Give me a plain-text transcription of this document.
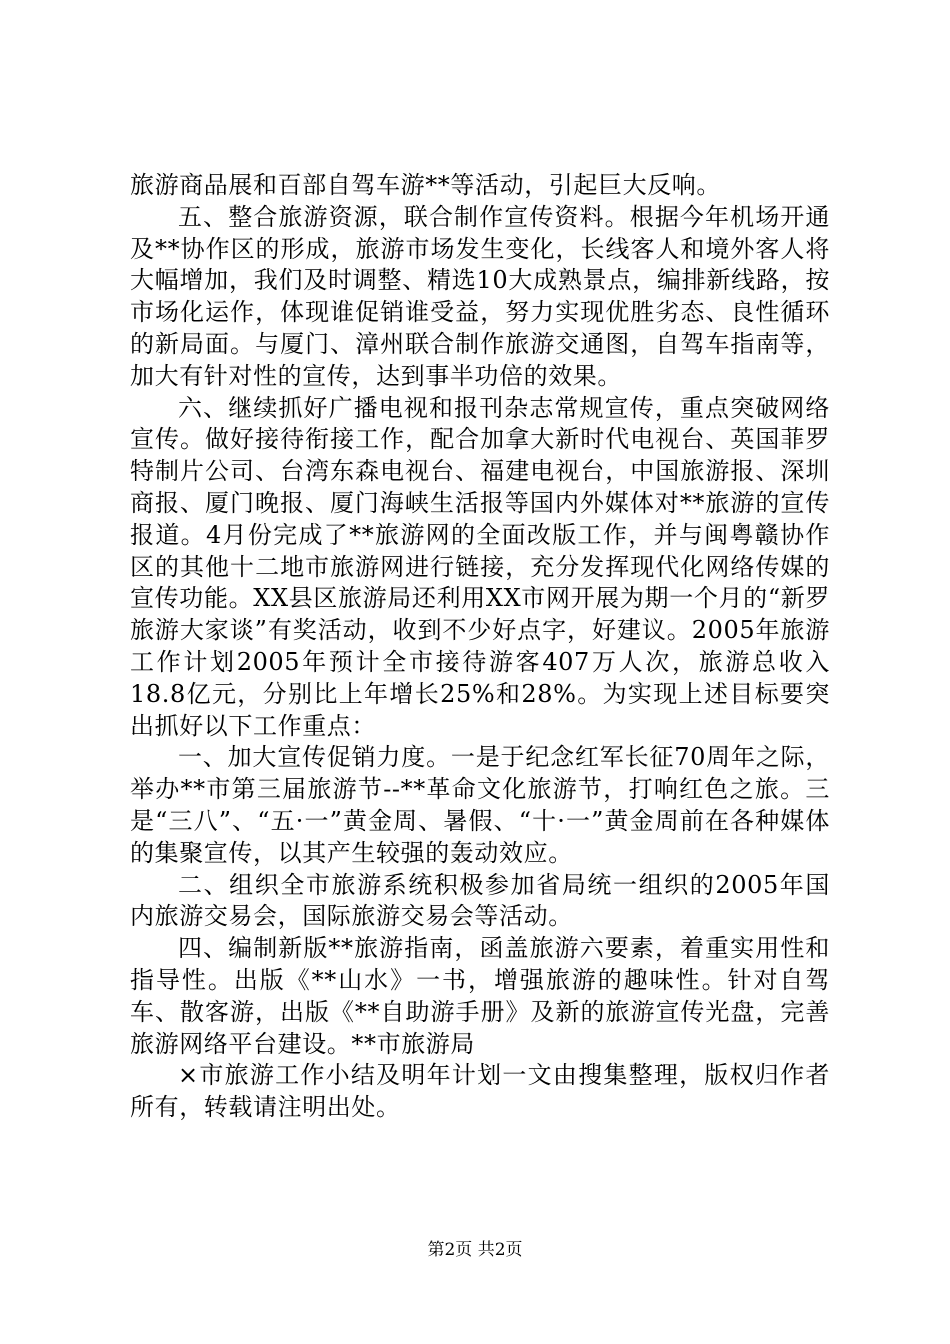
旅游商品展和百部自驾车游**等活动，引起巨大反响。

五、整合旅游资源，联合制作宣传资料。根据今年机场开通及**协作区的形成，旅游市场发生变化，长线客人和境外客人将大幅增加，我们及时调整、精选10大成熟景点，编排新线路，按市场化运作，体现谁促销谁受益，努力实现优胜劣态、良性循环的新局面。与厦门、漳州联合制作旅游交通图，自驾车指南等，加大有针对性的宣传，达到事半功倍的效果。

六、继续抓好广播电视和报刊杂志常规宣传，重点突破网络宣传。做好接待衔接工作，配合加拿大新时代电视台、英国菲罗特制片公司、台湾东森电视台、福建电视台，中国旅游报、深圳商报、厦门晚报、厦门海峡生活报等国内外媒体对**旅游的宣传报道。4月份完成了**旅游网的全面改版工作，并与闽粤赣协作区的其他十二地市旅游网进行链接，充分发挥现代化网络传媒的宣传功能。XX县区旅游局还利用XX市网开展为期一个月的“新罗旅游大家谈”有奖活动，收到不少好点字，好建议。2005年旅游工作计划2005年预计全市接待游客407万人次，旅游总收入18.8亿元，分别比上年增长25%和28%。为实现上述目标要突出抓好以下工作重点：

一、加大宣传促销力度。一是于纪念红军长征70周年之际，举办**市第三届旅游节--**革命文化旅游节，打响红色之旅。三是“三八”、“五·一”黄金周、暑假、“十·一”黄金周前在各种媒体的集聚宣传，以其产生较强的轰动效应。

二、组织全市旅游系统积极参加省局统一组织的2005年国内旅游交易会，国际旅游交易会等活动。

四、编制新版**旅游指南，函盖旅游六要素，着重实用性和指导性。出版《**山水》一书，增强旅游的趣味性。针对自驾车、散客游，出版《**自助游手册》及新的旅游宣传光盘，完善旅游网络平台建设。**市旅游局

×市旅游工作小结及明年计划一文由搜集整理，版权归作者所有，转载请注明出处。

第2页 共2页
